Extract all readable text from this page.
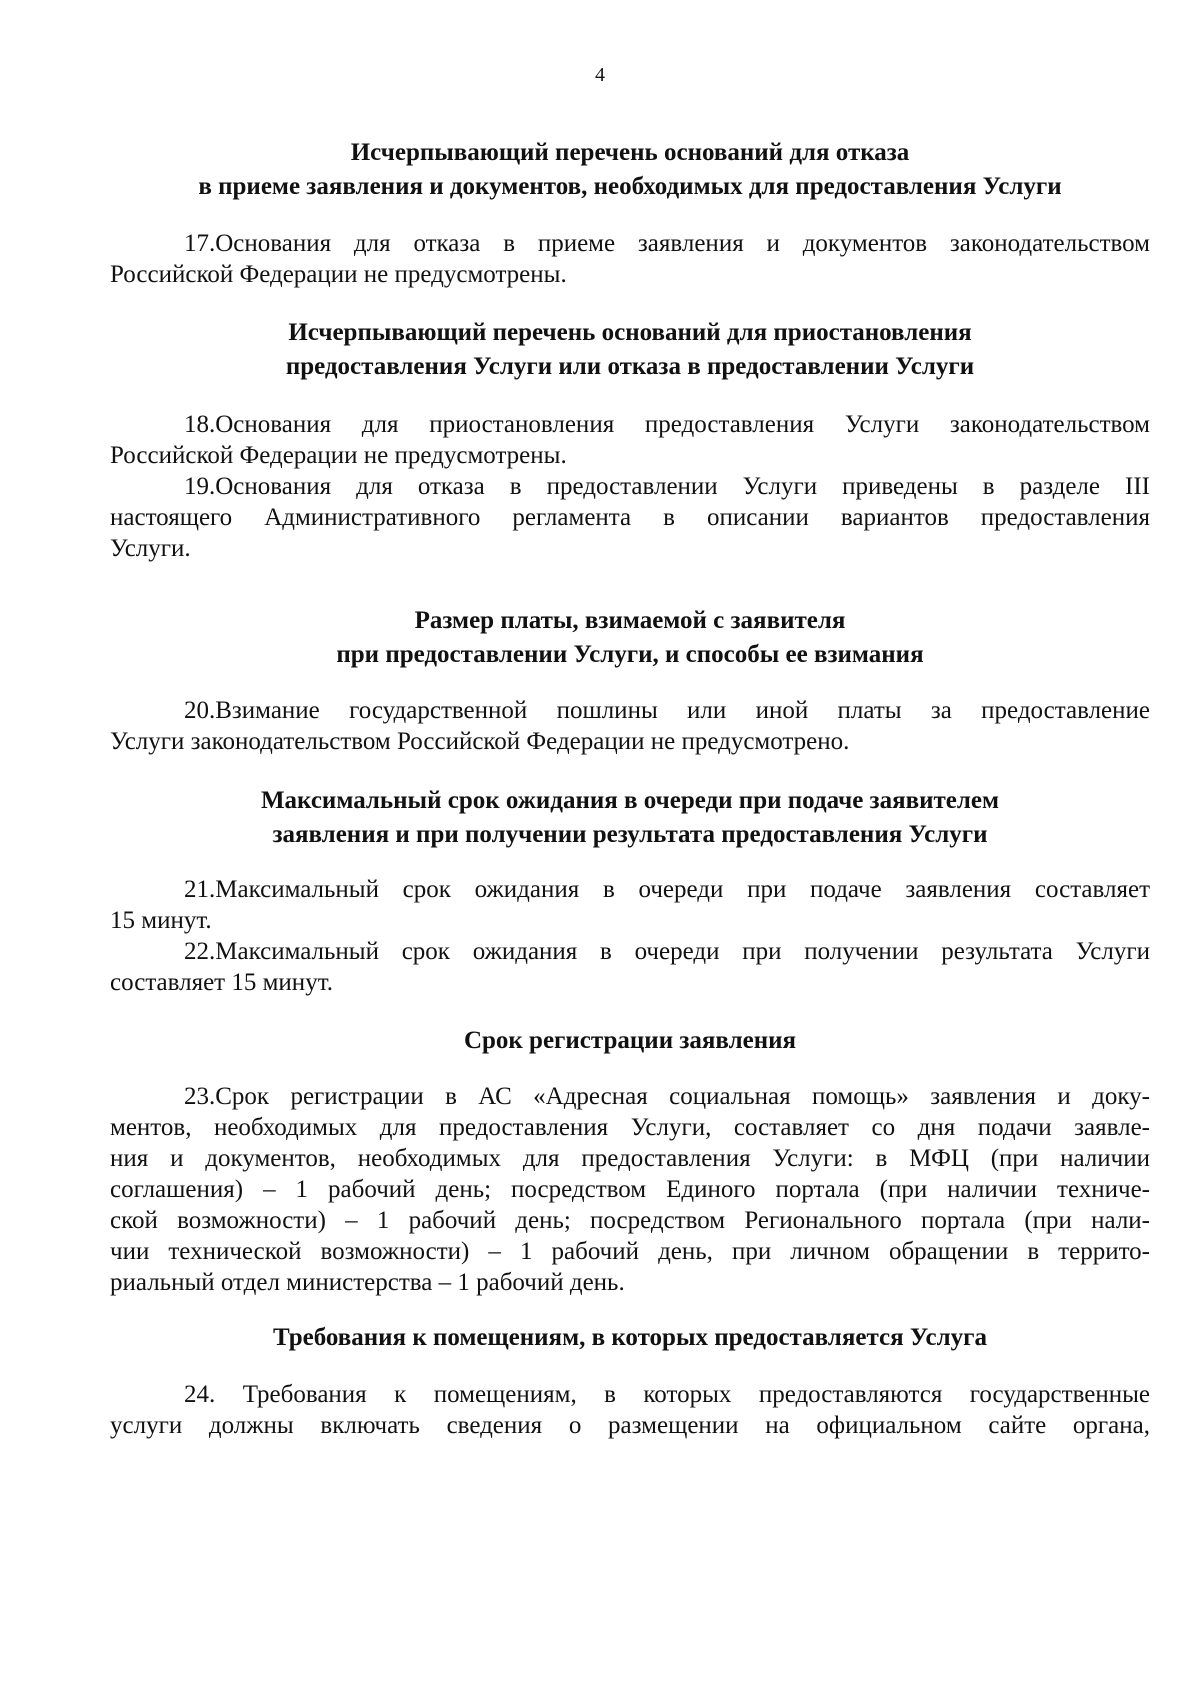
4
Исчерпывающий перечень оснований для отказа
в приеме заявления и документов, необходимых для предоставления Услуги
17.Основания для отказа в приеме заявления и документов законодательством
Российской Федерации не предусмотрены.
Исчерпывающий перечень оснований для приостановления
предоставления Услуги или отказа в предоставлении Услуги
18.Основания для приостановления предоставления Услуги законодательством
Российской Федерации не предусмотрены.
19.Основания для отказа в предоставлении Услуги приведены в разделе III
настоящего Административного регламента в описании вариантов предоставления
Услуги.
Размер платы, взимаемой с заявителя
при предоставлении Услуги, и способы ее взимания
20.Взимание государственной пошлины или иной платы за предоставление
Услуги законодательством Российской Федерации не предусмотрено.
Максимальный срок ожидания в очереди при подаче заявителем
заявления и при получении результата предоставления Услуги
21.Максимальный срок ожидания в очереди при подаче заявления составляет
15 минут.
22.Максимальный срок ожидания в очереди при получении результата Услуги
составляет 15 минут.
Срок регистрации заявления
23.Срок регистрации в АС «Адресная социальная помощь» заявления и доку-
ментов, необходимых для предоставления Услуги, составляет со дня подачи заявле-
ния и документов, необходимых для предоставления Услуги: в МФЦ (при наличии
соглашения) – 1 рабочий день; посредством Единого портала (при наличии техниче-
ской возможности) – 1 рабочий день; посредством Регионального портала (при нали-
чии технической возможности) – 1 рабочий день, при личном обращении в террито-
риальный отдел министерства – 1 рабочий день.
Требования к помещениям, в которых предоставляется Услуга
24. Требования к помещениям, в которых предоставляются государственные
услуги должны включать сведения о размещении на официальном сайте органа,
